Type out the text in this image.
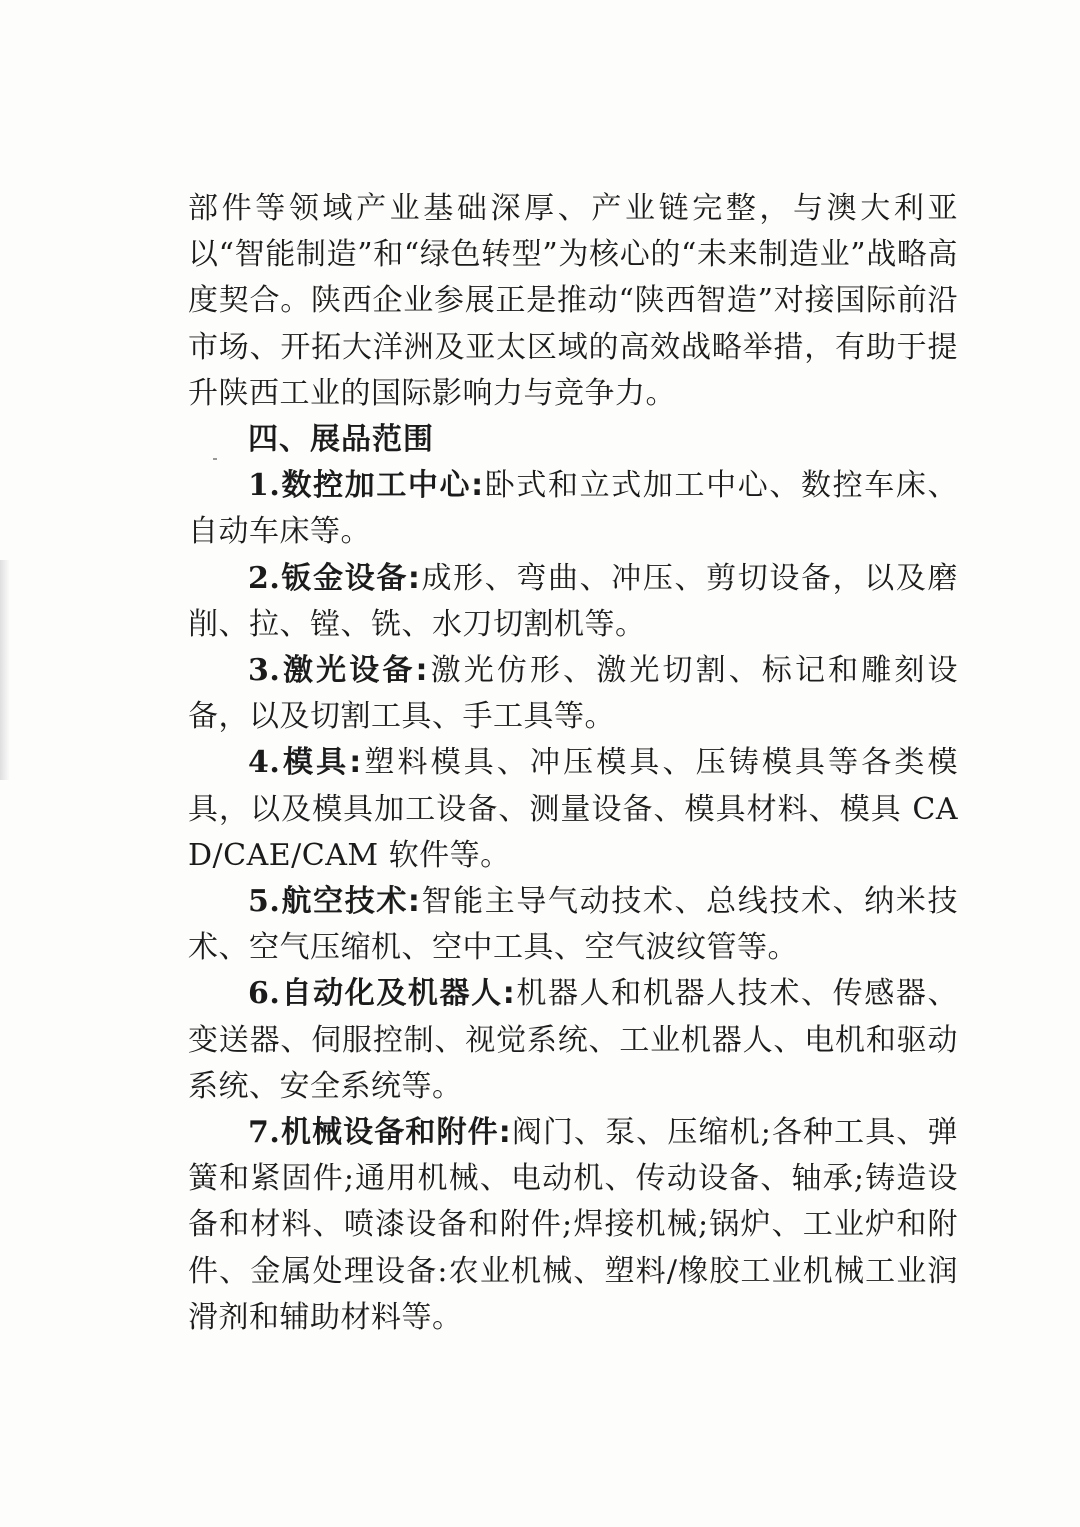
部件等领域产业基础深厚、产业链完整，与澳大利亚以“智能制造”和“绿色转型”为核心的“未来制造业”战略高度契合。陕西企业参展正是推动“陕西智造”对接国际前沿市场、开拓大洋洲及亚太区域的高效战略举措，有助于提升陕西工业的国际影响力与竞争力。

四、展品范围

1.数控加工中心:卧式和立式加工中心、数控车床、自动车床等。

2.钣金设备:成形、弯曲、冲压、剪切设备，以及磨削、拉、镗、铣、水刀切割机等。

3.激光设备:激光仿形、激光切割、标记和雕刻设备，以及切割工具、手工具等。

4.模具:塑料模具、冲压模具、压铸模具等各类模具，以及模具加工设备、测量设备、模具材料、模具 CAD/CAE/CAM 软件等。

5.航空技术:智能主导气动技术、总线技术、纳米技术、空气压缩机、空中工具、空气波纹管等。

6.自动化及机器人:机器人和机器人技术、传感器、变送器、伺服控制、视觉系统、工业机器人、电机和驱动系统、安全系统等。

7.机械设备和附件:阀门、泵、压缩机;各种工具、弹簧和紧固件;通用机械、电动机、传动设备、轴承;铸造设备和材料、喷漆设备和附件;焊接机械;锅炉、工业炉和附件、金属处理设备:农业机械、塑料/橡胶工业机械工业润滑剂和辅助材料等。
